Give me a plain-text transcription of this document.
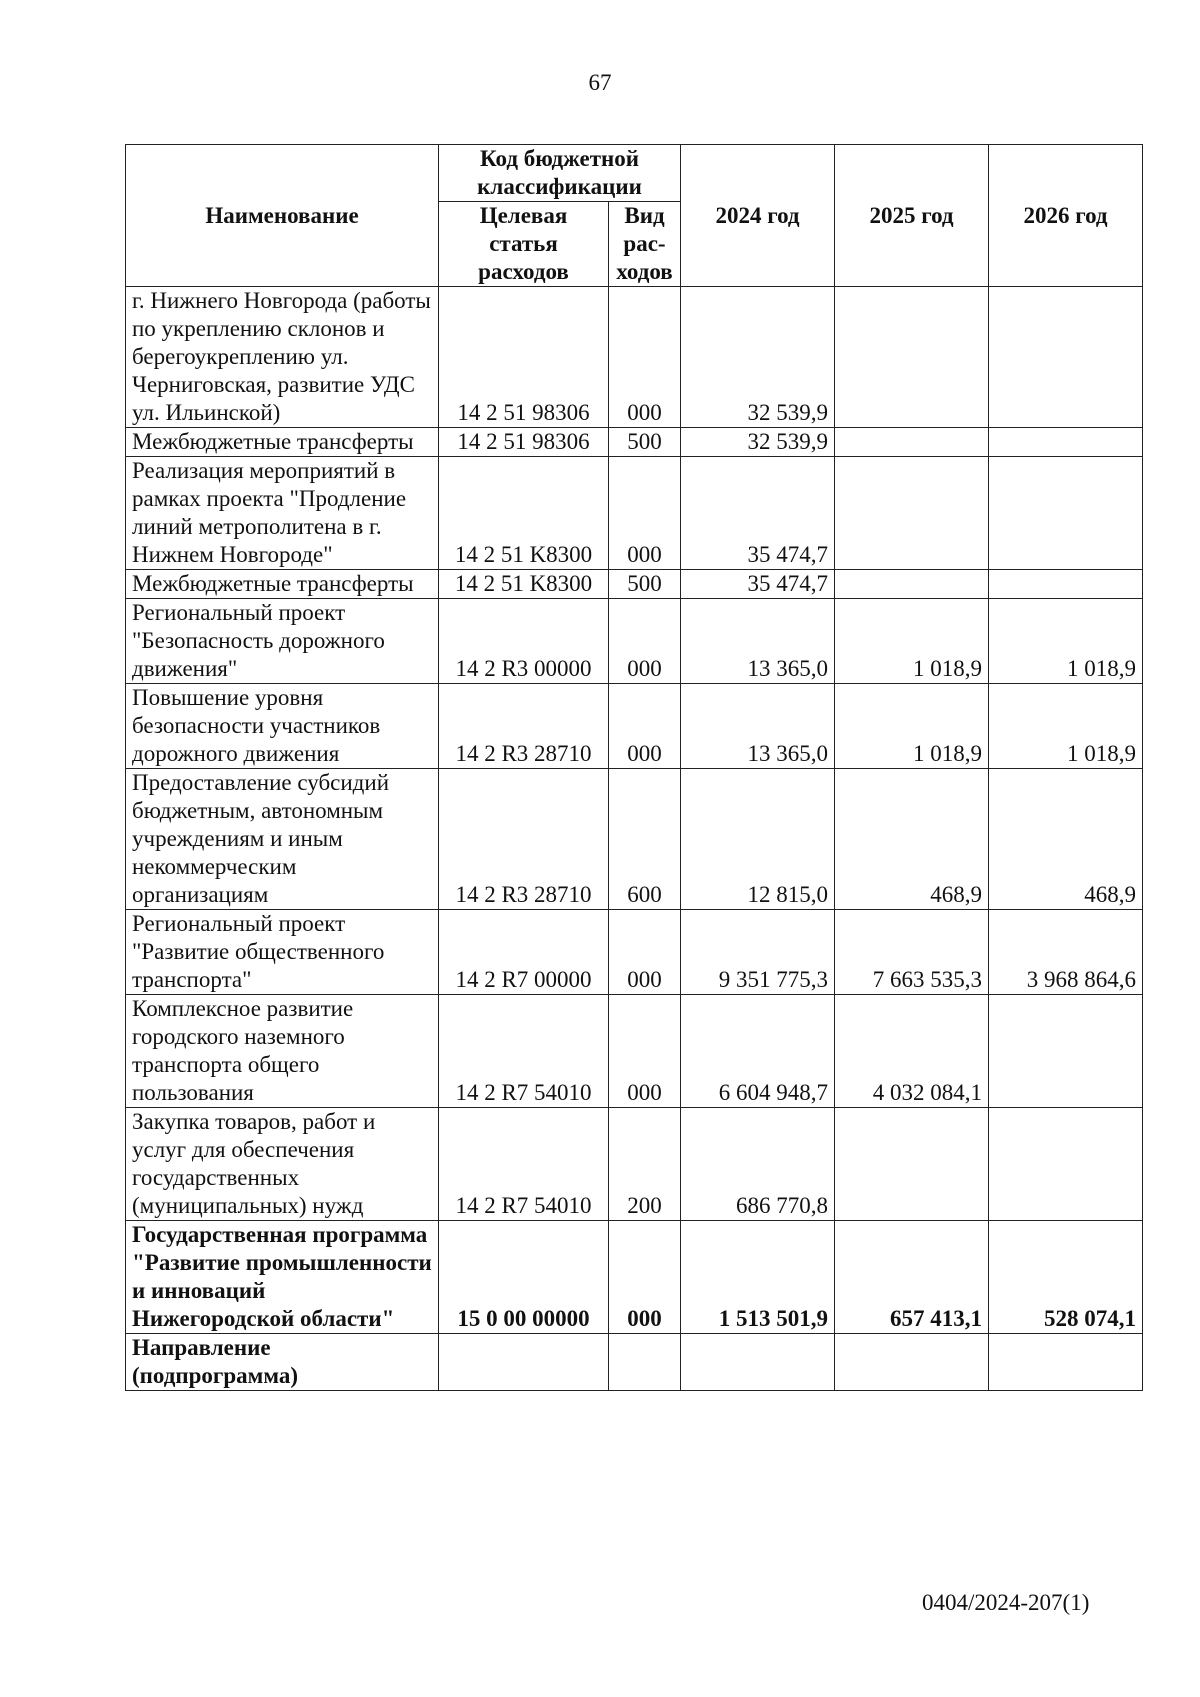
67
Наименование	Код бюджетной классификации		2024 год	2025 год	2026 год
	Целевая статья расходов	Вид рас-ходов			
г. Нижнего Новгорода (работы по укреплению склонов и берегоукреплению ул. Черниговская, развитие УДС ул. Ильинской)	14 2 51 98306	000	32 539,9		
Межбюджетные трансферты	14 2 51 98306	500	32 539,9		
Реализация мероприятий в рамках проекта "Продление линий метрополитена в г. Нижнем Новгороде"	14 2 51 K8300	000	35 474,7		
Межбюджетные трансферты	14 2 51 K8300	500	35 474,7		
Региональный проект "Безопасность дорожного движения"	14 2 R3 00000	000	13 365,0	1 018,9	1 018,9
Повышение уровня безопасности участников дорожного движения	14 2 R3 28710	000	13 365,0	1 018,9	1 018,9
Предоставление субсидий бюджетным, автономным учреждениям и иным некоммерческим организациям	14 2 R3 28710	600	12 815,0	468,9	468,9
Региональный проект "Развитие общественного транспорта"	14 2 R7 00000	000	9 351 775,3	7 663 535,3	3 968 864,6
Комплексное развитие городского наземного транспорта общего пользования	14 2 R7 54010	000	6 604 948,7	4 032 084,1	
Закупка товаров, работ и услуг для обеспечения государственных (муниципальных) нужд	14 2 R7 54010	200	686 770,8		
Государственная программа "Развитие промышленности и инноваций Нижегородской области"	15 0 00 00000	000	1 513 501,9	657 413,1	528 074,1
Направление (подпрограмма)					
0404/2024-207(1)
